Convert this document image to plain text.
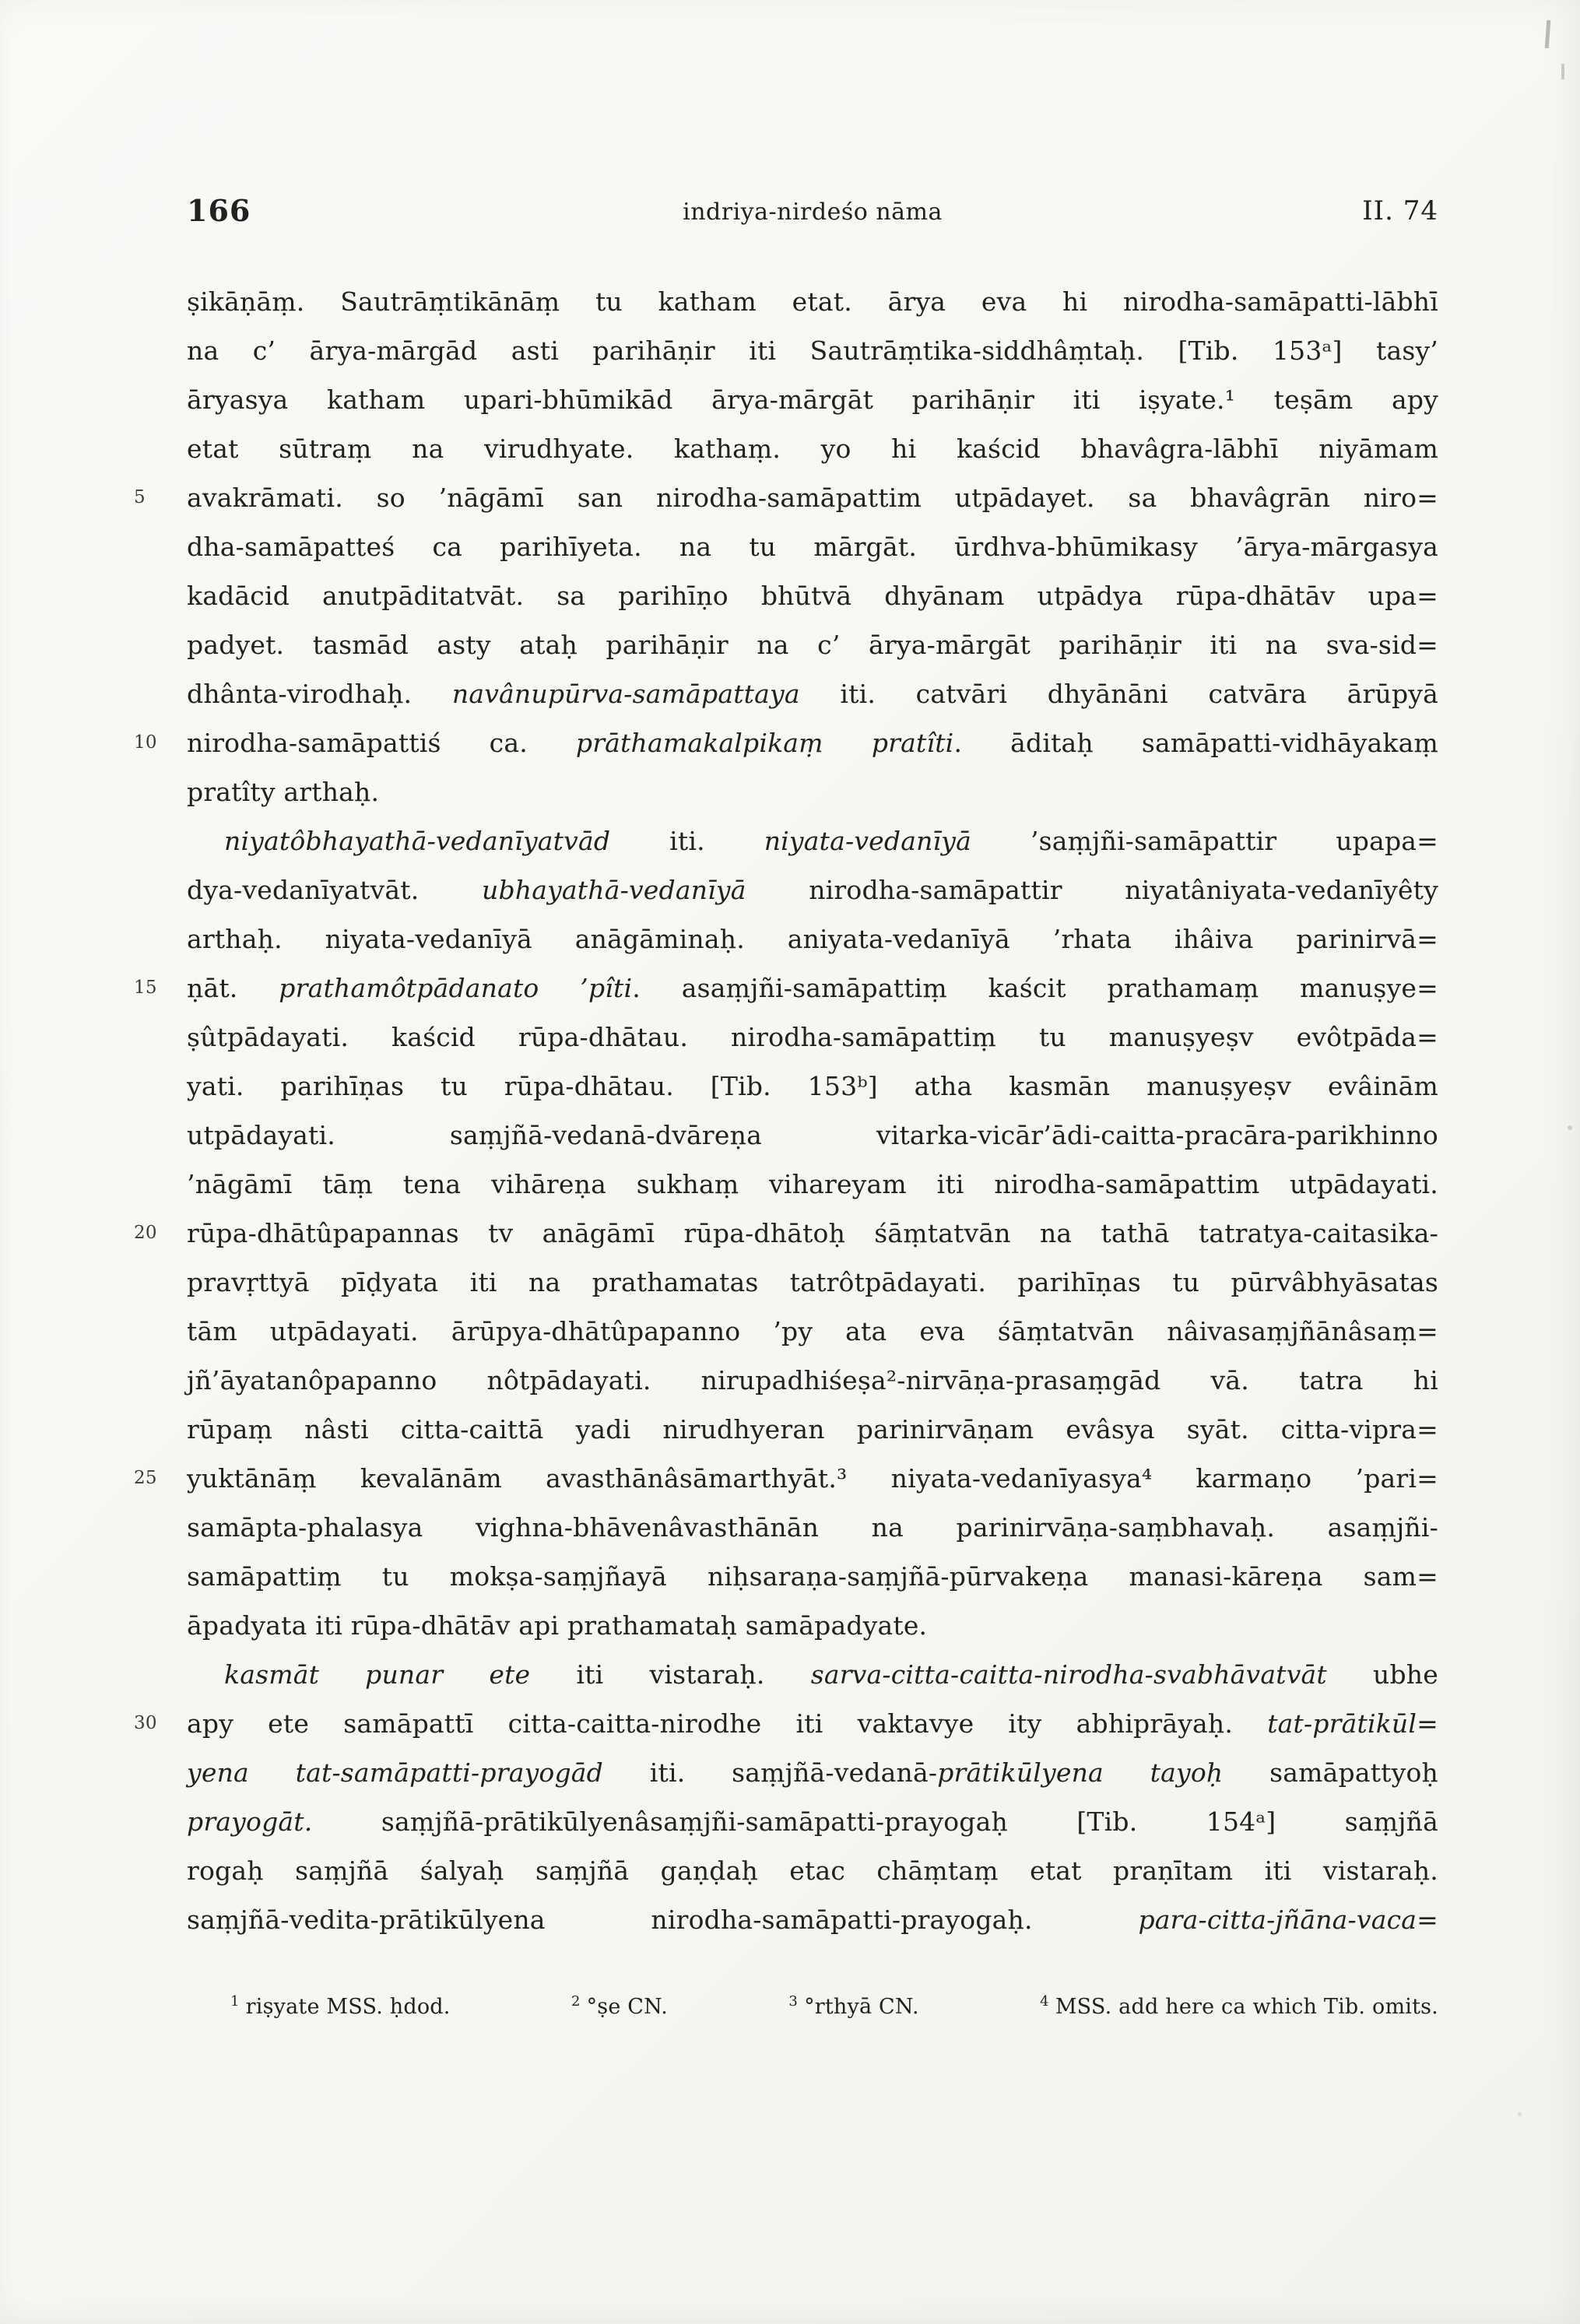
166	indriya-nirdeśo nāma	II. 74
ṣikāṇāṃ. Sautrāṃtikānāṃ tu katham etat. ārya eva hi nirodha-samāpatti-lābhī
na c’ ārya-mārgād asti parihāṇir iti Sautrāṃtika-siddhâṃtaḥ. [Tib. 153ᵃ] tasy’
āryasya katham upari-bhūmikād ārya-mārgāt parihāṇir iti iṣyate.¹ teṣām apy
etat sūtraṃ na virudhyate. kathaṃ. yo hi kaścid bhavâgra-lābhī niyāmam
5	avakrāmati. so ’nāgāmī san nirodha-samāpattim utpādayet. sa bhavâgrān niro=
dha-samāpatteś ca parihīyeta. na tu mārgāt. ūrdhva-bhūmikasy ’ārya-mārgasya
kadācid anutpāditatvāt. sa parihīṇo bhūtvā dhyānam utpādya rūpa-dhātāv upa=
padyet. tasmād asty ataḥ parihāṇir na c’ ārya-mārgāt parihāṇir iti na sva-sid=
dhânta-virodhaḥ. navânupūrva-samāpattaya iti. catvāri dhyānāni catvāra ārūpyā
10	nirodha-samāpattiś ca. prāthamakalpikaṃ pratîti. āditaḥ samāpatti-vidhāyakaṃ
pratîty arthaḥ.
niyatôbhayathā-vedanīyatvād iti. niyata-vedanīyā ’saṃjñi-samāpattir upapa=
dya-vedanīyatvāt. ubhayathā-vedanīyā nirodha-samāpattir niyatâniyata-vedanīyêty
arthaḥ. niyata-vedanīyā anāgāminaḥ. aniyata-vedanīyā ’rhata ihâiva parinirvā=
15	ṇāt. prathamôtpādanato ’pîti. asaṃjñi-samāpattiṃ kaścit prathamaṃ manuṣye=
ṣûtpādayati. kaścid rūpa-dhātau. nirodha-samāpattiṃ tu manuṣyeṣv evôtpāda=
yati. parihīṇas tu rūpa-dhātau. [Tib. 153ᵇ] atha kasmān manuṣyeṣv evâinām
utpādayati. saṃjñā-vedanā-dvāreṇa vitarka-vicār’ādi-caitta-pracāra-parikhinno
’nāgāmī tāṃ tena vihāreṇa sukhaṃ vihareyam iti nirodha-samāpattim utpādayati.
20	rūpa-dhātûpapannas tv anāgāmī rūpa-dhātoḥ śāṃtatvān na tathā tatratya-caitasika-
pravṛttyā pīḍyata iti na prathamatas tatrôtpādayati. parihīṇas tu pūrvâbhyāsatas
tām utpādayati. ārūpya-dhātûpapanno ’py ata eva śāṃtatvān nâivasaṃjñānâsaṃ=
jñ’āyatanôpapanno nôtpādayati. nirupadhiśeṣa²-nirvāṇa-prasaṃgād vā. tatra hi
rūpaṃ nâsti citta-caittā yadi nirudhyeran parinirvāṇam evâsya syāt. citta-vipra=
25	yuktānāṃ kevalānām avasthānâsāmarthyāt.³ niyata-vedanīyasya⁴ karmaṇo ’pari=
samāpta-phalasya vighna-bhāvenâvasthānān na parinirvāṇa-saṃbhavaḥ. asaṃjñi-
samāpattiṃ tu mokṣa-saṃjñayā niḥsaraṇa-saṃjñā-pūrvakeṇa manasi-kāreṇa sam=
āpadyata iti rūpa-dhātāv api prathamataḥ samāpadyate.
kasmāt punar ete iti vistaraḥ. sarva-citta-caitta-nirodha-svabhāvatvāt ubhe
30	apy ete samāpattī citta-caitta-nirodhe iti vaktavye ity abhiprāyaḥ. tat-prātikūl=
yena tat-samāpatti-prayogād iti. saṃjñā-vedanā-prātikūlyena tayoḥ samāpattyoḥ
prayogāt. saṃjñā-prātikūlyenâsaṃjñi-samāpatti-prayogaḥ [Tib. 154ᵃ] saṃjñā
rogaḥ saṃjñā śalyaḥ saṃjñā gaṇḍaḥ etac chāṃtaṃ etat praṇītam iti vistaraḥ.
saṃjñā-vedita-prātikūlyena nirodha-samāpatti-prayogaḥ. para-citta-jñāna-vaca=
1 riṣyate MSS. ḥdod.	2 °ṣe CN.	3 °rthyā CN.	4 MSS. add here ca which Tib. omits.
